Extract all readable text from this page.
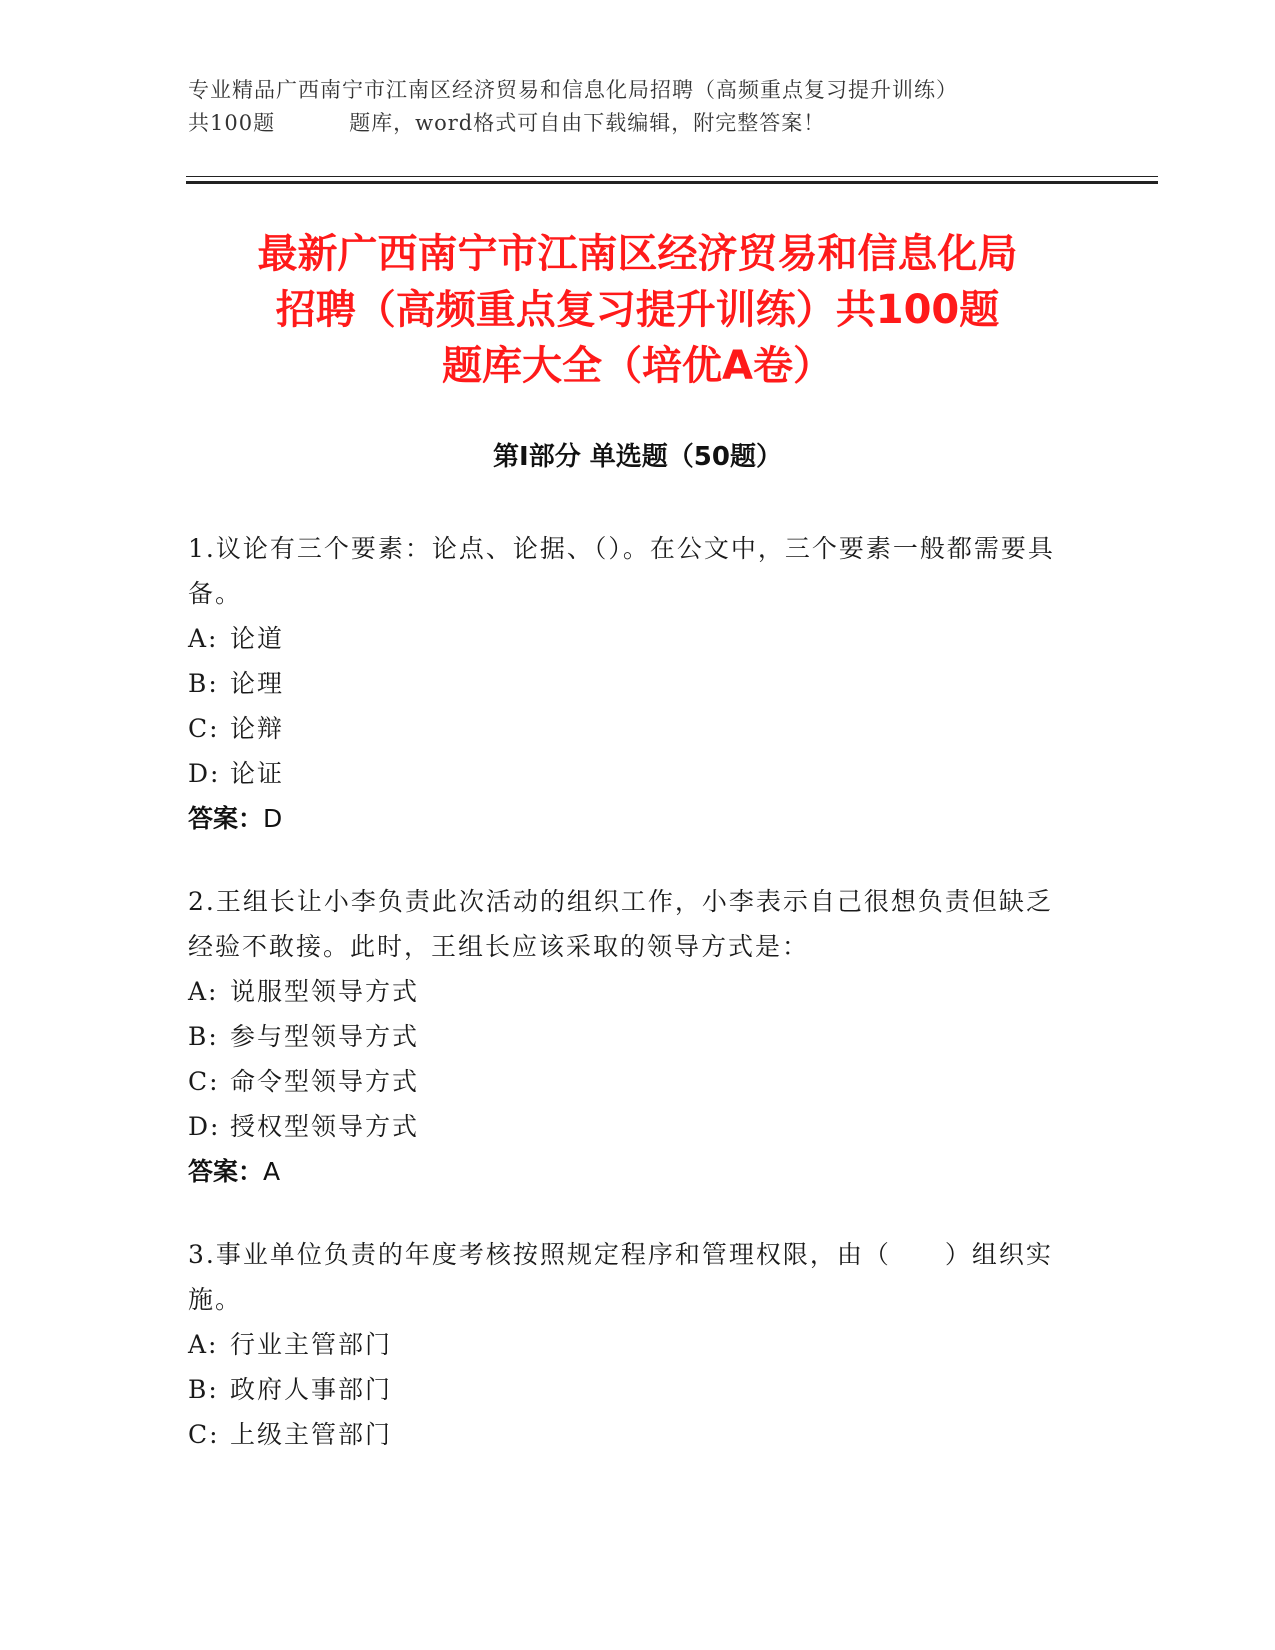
专业精品广西南宁市江南区经济贸易和信息化局招聘（高频重点复习提升训练）
共100题	题库，word格式可自由下载编辑，附完整答案！
最新广西南宁市江南区经济贸易和信息化局
招聘（高频重点复习提升训练）共100题
题库大全（培优A卷）
第Ⅰ部分 单选题（50题）
1.议论有三个要素：论点、论据、（）。在公文中，三个要素一般都需要具备。
A: 论道
B: 论理
C: 论辩
D: 论证
答案：D
2.王组长让小李负责此次活动的组织工作，小李表示自己很想负责但缺乏经验不敢接。此时，王组长应该采取的领导方式是：
A: 说服型领导方式
B: 参与型领导方式
C: 命令型领导方式
D: 授权型领导方式
答案：A
3.事业单位负责的年度考核按照规定程序和管理权限，由（　　）组织实施。
A: 行业主管部门
B: 政府人事部门
C: 上级主管部门
